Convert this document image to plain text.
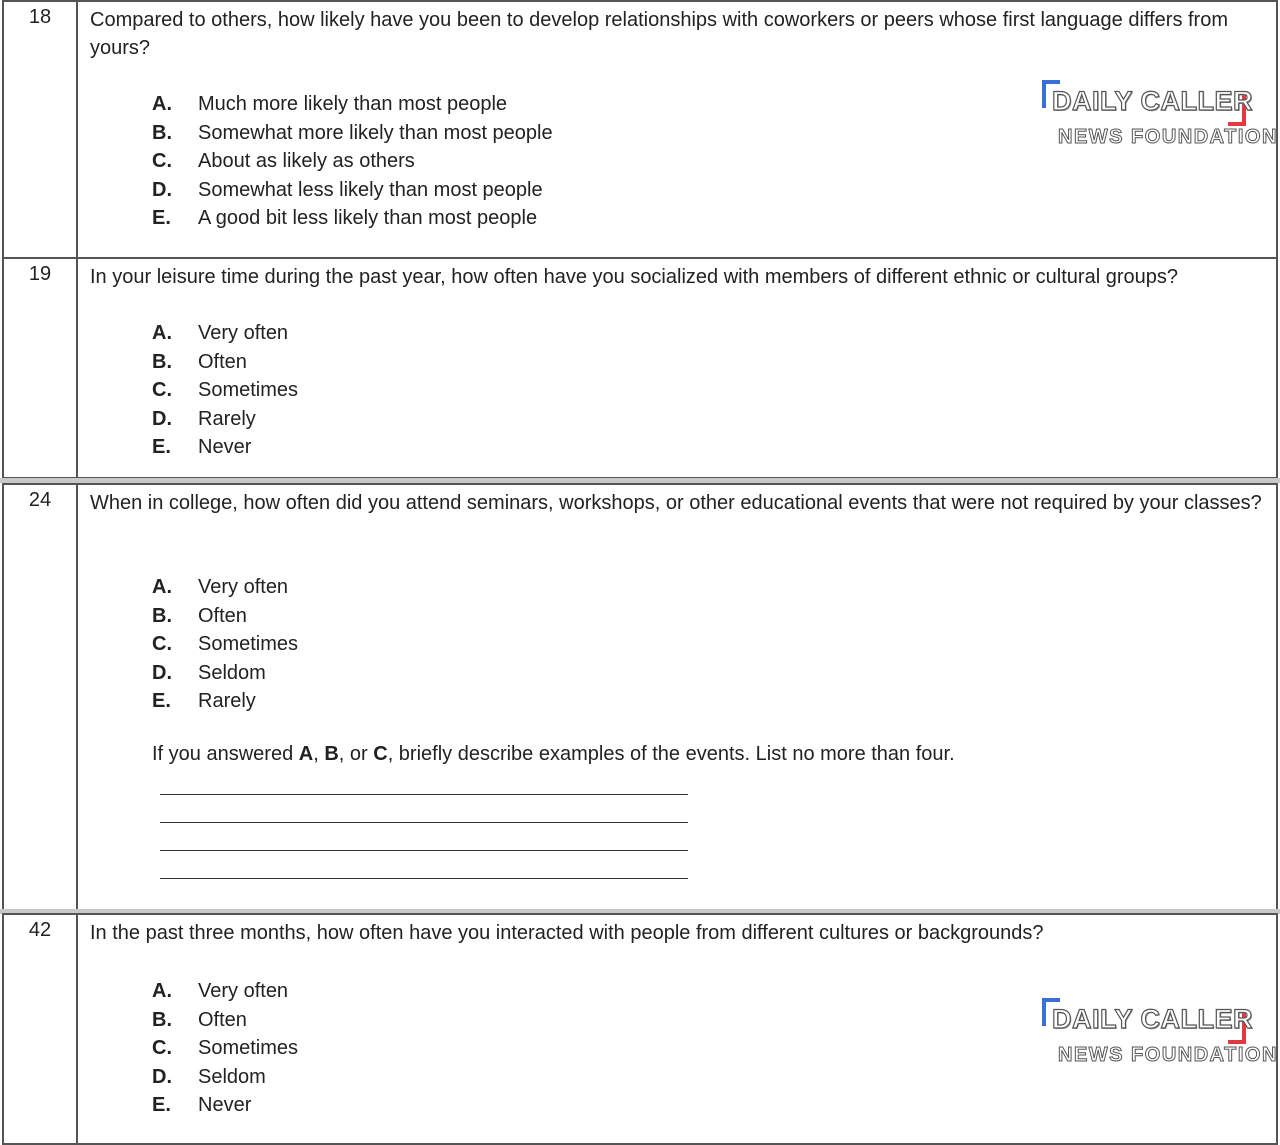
18	Compared to others, how likely have you been to develop relationships with coworkers or peers whose first language differs from yours?
A. Much more likely than most people
B. Somewhat more likely than most people
C. About as likely as others
D. Somewhat less likely than most people
E. A good bit less likely than most people
19	In your leisure time during the past year, how often have you socialized with members of different ethnic or cultural groups?
A. Very often
B. Often
C. Sometimes
D. Rarely
E. Never
24	When in college, how often did you attend seminars, workshops, or other educational events that were not required by your classes?
A. Very often
B. Often
C. Sometimes
D. Seldom
E. Rarely
If you answered A, B, or C, briefly describe examples of the events. List no more than four.
42	In the past three months, how often have you interacted with people from different cultures or backgrounds?
A. Very often
B. Often
C. Sometimes
D. Seldom
E. Never
DAILY CALLER
NEWS FOUNDATION
DAILY CALLER
NEWS FOUNDATION
